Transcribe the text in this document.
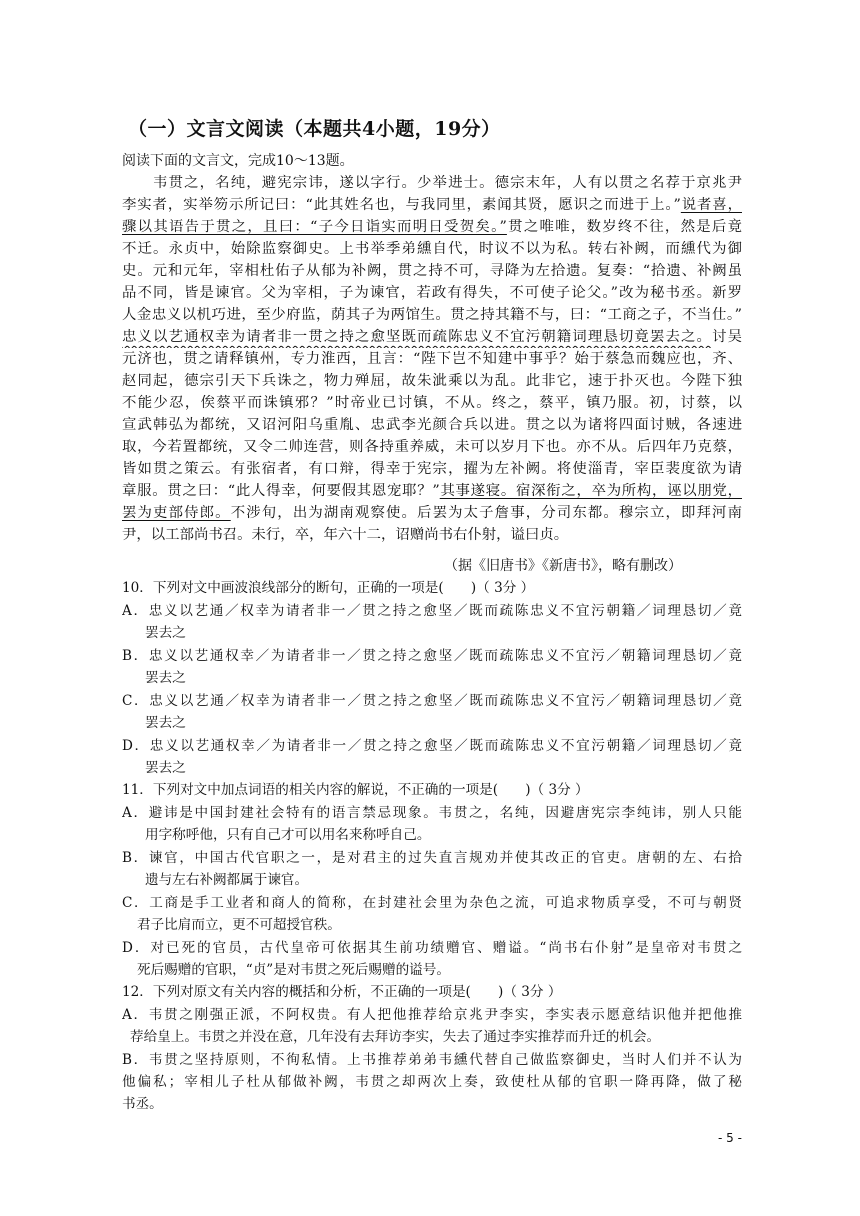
（一）文言文阅读（本题共4小题，19分）
阅读下面的文言文，完成10～13题。
　　韦贯之，名纯，避宪宗讳，遂以字行。少举进士。德宗末年，人有以贯之名荐于京兆尹
李实者，实举笏示所记曰：“此其姓名也，与我同里，素闻其贤，愿识之而进于上。”说者喜，
骤以其语告于贯之，且曰：“子今日诣实而明日受贺矣。”贯之唯唯，数岁终不往，然是后竟
不迁。永贞中，始除监察御史。上书举季弟纁自代，时议不以为私。转右补阙，而纁代为御
史。元和元年，宰相杜佑子从郁为补阙，贯之持不可，寻降为左拾遗。复奏：“拾遗、补阙虽
品不同，皆是谏官。父为宰相，子为谏官，若政有得失，不可使子论父。”改为秘书丞。新罗
人金忠义以机巧进，至少府监，荫其子为两馆生。贯之持其籍不与，曰：“工商之子，不当仕。”
忠义以艺通权幸为请者非一贯之持之愈坚既而疏陈忠义不宜污朝籍词理恳切竟罢去之。讨吴
元济也，贯之请释镇州，专力淮西，且言：“陛下岂不知建中事乎？始于蔡急而魏应也，齐、
赵同起，德宗引天下兵诛之，物力殚屈，故朱泚乘以为乱。此非它，速于扑灭也。今陛下独
不能少忍，俟蔡平而诛镇邪？”时帝业已讨镇，不从。终之，蔡平，镇乃服。初，讨蔡，以
宣武韩弘为都统，又诏河阳乌重胤、忠武李光颜合兵以进。贯之以为诸将四面讨贼，各速进
取，今若置都统，又令二帅连营，则各持重养威，未可以岁月下也。亦不从。后四年乃克蔡，
皆如贯之策云。有张宿者，有口辩，得幸于宪宗，擢为左补阙。将使淄青，宰臣裴度欲为请
章服。贯之曰：“此人得幸，何要假其恩宠耶？”其事遂寝。宿深衔之，卒为所构，诬以朋党，
罢为吏部侍郎。不涉旬，出为湖南观察使。后罢为太子詹事，分司东都。穆宗立，即拜河南
尹，以工部尚书召。未行，卒，年六十二，诏赠尚书右仆射，谥曰贞。
（据《旧唐书》《新唐书》，略有删改）
10．下列对文中画波浪线部分的断句，正确的一项是(　　)（ 3分 ）
A．忠义以艺通／权幸为请者非一／贯之持之愈坚／既而疏陈忠义不宜污朝籍／词理恳切／竟
罢去之
B．忠义以艺通权幸／为请者非一／贯之持之愈坚／既而疏陈忠义不宜污／朝籍词理恳切／竟
罢去之
C．忠义以艺通／权幸为请者非一／贯之持之愈坚／既而疏陈忠义不宜污／朝籍词理恳切／竟
罢去之
D．忠义以艺通权幸／为请者非一／贯之持之愈坚／既而疏陈忠义不宜污朝籍／词理恳切／竟
罢去之
11．下列对文中加点词语的相关内容的解说，不正确的一项是(　　)（ 3分 ）
A．避讳是中国封建社会特有的语言禁忌现象。韦贯之，名纯，因避唐宪宗李纯讳，别人只能
用字称呼他，只有自己才可以用名来称呼自己。
B．谏官，中国古代官职之一，是对君主的过失直言规劝并使其改正的官吏。唐朝的左、右拾
遗与左右补阙都属于谏官。
C．工商是手工业者和商人的简称，在封建社会里为杂色之流，可追求物质享受，不可与朝贤
君子比肩而立，更不可超授官秩。
D．对已死的官员，古代皇帝可依据其生前功绩赠官、赠谥。“尚书右仆射”是皇帝对韦贯之
死后赐赠的官职，“贞”是对韦贯之死后赐赠的谥号。
12．下列对原文有关内容的概括和分析，不正确的一项是(　　)（ 3分 ）
A．韦贯之刚强正派，不阿权贵。有人把他推荐给京兆尹李实，李实表示愿意结识他并把他推
荐给皇上。韦贯之并没在意，几年没有去拜访李实，失去了通过李实推荐而升迁的机会。
B．韦贯之坚持原则，不徇私情。上书推荐弟弟韦纁代替自己做监察御史，当时人们并不认为
他偏私；宰相儿子杜从郁做补阙，韦贯之却两次上奏，致使杜从郁的官职一降再降，做了秘
书丞。
- 5 -
